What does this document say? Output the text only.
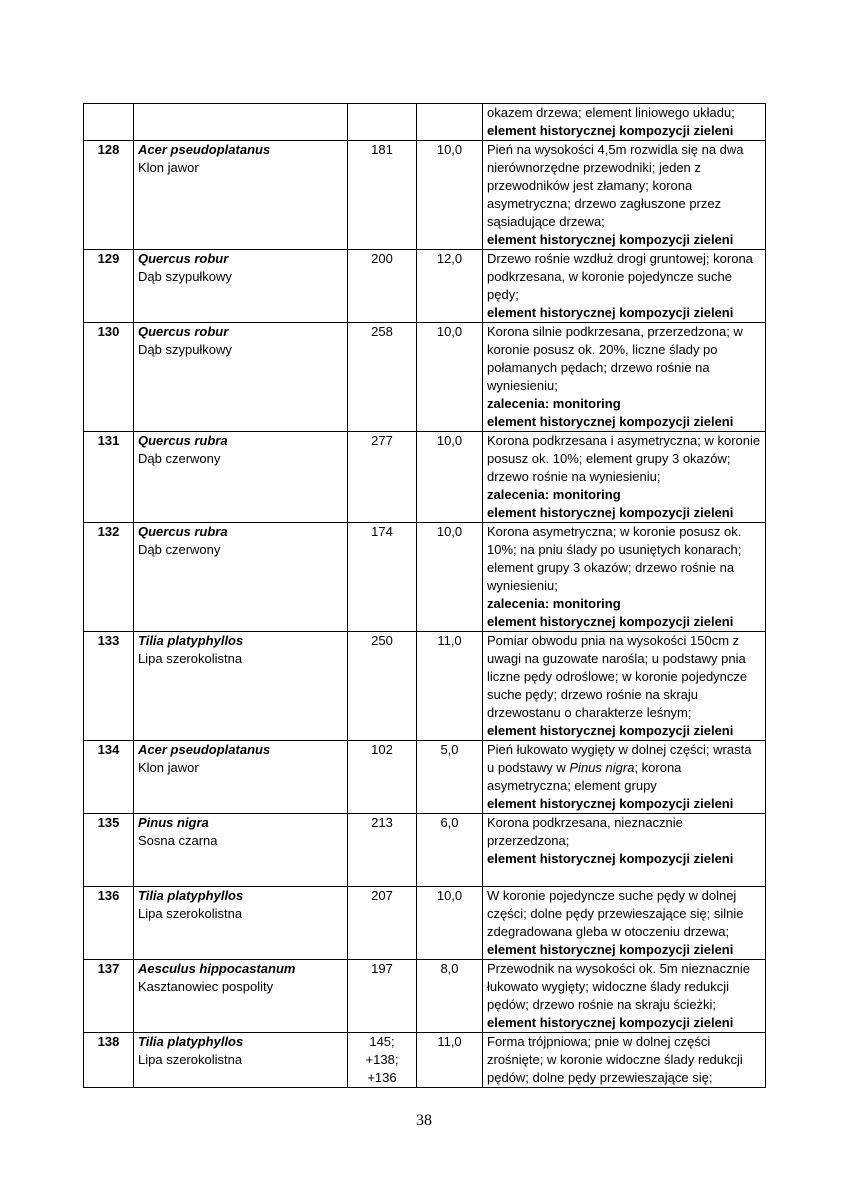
				okazem drzewa; element liniowego układu;
element historycznej kompozycji zieleni

128	Acer pseudoplatanus
Klon jawor	181	10,0	Pień na wysokości 4,5m rozwidla się na dwa nierównorzędne przewodniki; jeden z przewodników jest złamany; korona asymetryczna; drzewo zagłuszone przez sąsiadujące drzewa;
element historycznej kompozycji zieleni

129	Quercus robur
Dąb szypułkowy	200	12,0	Drzewo rośnie wzdłuż drogi gruntowej; korona podkrzesana, w koronie pojedyncze suche pędy;
element historycznej kompozycji zieleni

130	Quercus robur
Dąb szypułkowy	258	10,0	Korona silnie podkrzesana, przerzedzona; w koronie posusz ok. 20%, liczne ślady po połamanych pędach; drzewo rośnie na wyniesieniu;
zalecenia: monitoring
element historycznej kompozycji zieleni

131	Quercus rubra
Dąb czerwony	277	10,0	Korona podkrzesana i asymetryczna; w koronie posusz ok. 10%; element grupy 3 okazów; drzewo rośnie na wyniesieniu;
zalecenia: monitoring
element historycznej kompozycji zieleni

132	Quercus rubra
Dąb czerwony	174	10,0	Korona asymetryczna; w koronie posusz ok. 10%; na pniu ślady po usuniętych konarach; element grupy 3 okazów; drzewo rośnie na wyniesieniu;
zalecenia: monitoring
element historycznej kompozycji zieleni

133	Tilia platyphyllos
Lipa szerokolistna	250	11,0	Pomiar obwodu pnia na wysokości 150cm z uwagi na guzowate narośla; u podstawy pnia liczne pędy odroślowe; w koronie pojedyncze suche pędy; drzewo rośnie na skraju drzewostanu o charakterze leśnym;
element historycznej kompozycji zieleni

134	Acer pseudoplatanus
Klon jawor	102	5,0	Pień łukowato wygięty w dolnej części; wrasta u podstawy w Pinus nigra; korona asymetryczna; element grupy
element historycznej kompozycji zieleni

135	Pinus nigra
Sosna czarna	213	6,0	Korona podkrzesana, nieznacznie przerzedzona;
element historycznej kompozycji zieleni

136	Tilia platyphyllos
Lipa szerokolistna	207	10,0	W koronie pojedyncze suche pędy w dolnej części; dolne pędy przewieszające się; silnie zdegradowana gleba w otoczeniu drzewa;
element historycznej kompozycji zieleni

137	Aesculus hippocastanum
Kasztanowiec pospolity	197	8,0	Przewodnik na wysokości ok. 5m nieznacznie łukowato wygięty; widoczne ślady redukcji pędów; drzewo rośnie na skraju ścieżki;
element historycznej kompozycji zieleni

138	Tilia platyphyllos
Lipa szerokolistna	145;
+138;
+136	11,0	Forma trójpniowa; pnie w dolnej części zrośnięte; w koronie widoczne ślady redukcji pędów; dolne pędy przewieszające się;
38
